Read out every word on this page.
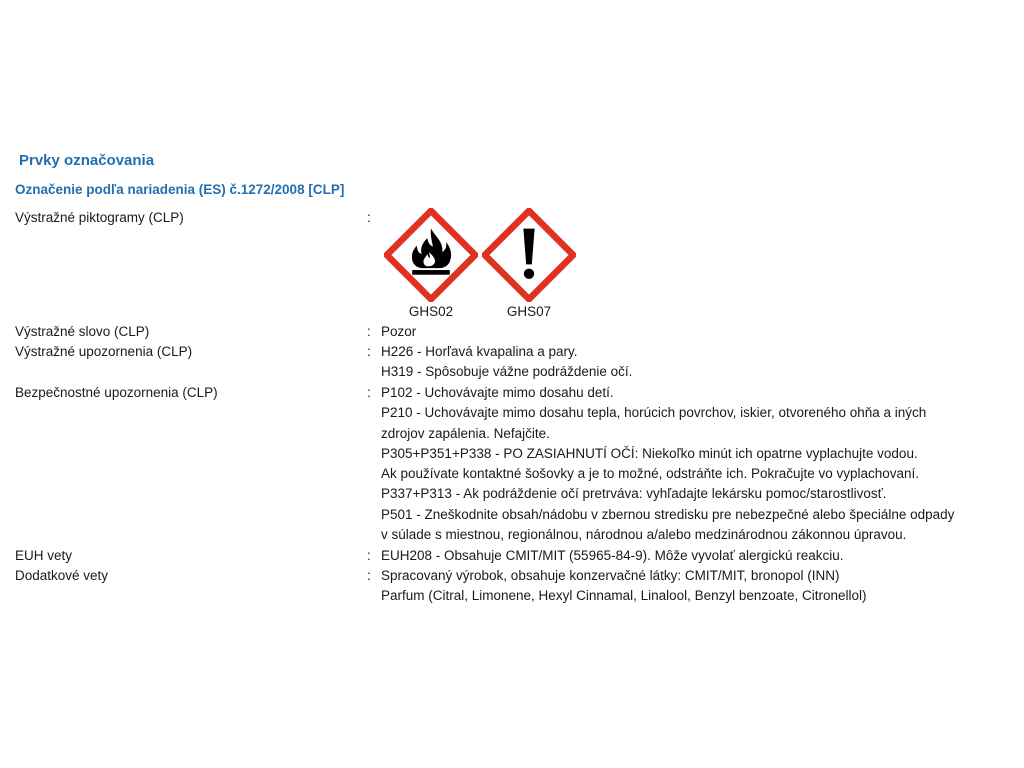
Prvky označovania
Označenie podľa nariadenia (ES) č.1272/2008 [CLP]
Výstražné piktogramy (CLP)	:
GHS02	GHS07
Výstražné slovo (CLP)	: Pozor
Výstražné upozornenia (CLP)	: H226 - Horľavá kvapalina a pary.
H319 - Spôsobuje vážne podráždenie očí.
Bezpečnostné upozornenia (CLP)	: P102 - Uchovávajte mimo dosahu detí.
P210 - Uchovávajte mimo dosahu tepla, horúcich povrchov, iskier, otvoreného ohňa a iných
zdrojov zapálenia. Nefajčite.
P305+P351+P338 - PO ZASIAHNUTÍ OČÍ: Niekoľko minút ich opatrne vyplachujte vodou.
Ak používate kontaktné šošovky a je to možné, odstráňte ich. Pokračujte vo vyplachovaní.
P337+P313 - Ak podráždenie očí pretrváva: vyhľadajte lekársku pomoc/starostlivosť.
P501 - Zneškodnite obsah/nádobu v zbernou stredisku pre nebezpečné alebo špeciálne odpady
v súlade s miestnou, regionálnou, národnou a/alebo medzinárodnou zákonnou úpravou.
EUH vety	: EUH208 - Obsahuje CMIT/MIT (55965-84-9). Môže vyvolať alergickú reakciu.
Dodatkové vety	: Spracovaný výrobok, obsahuje konzervačné látky: CMIT/MIT, bronopol (INN)
Parfum (Citral, Limonene, Hexyl Cinnamal, Linalool, Benzyl benzoate, Citronellol)
